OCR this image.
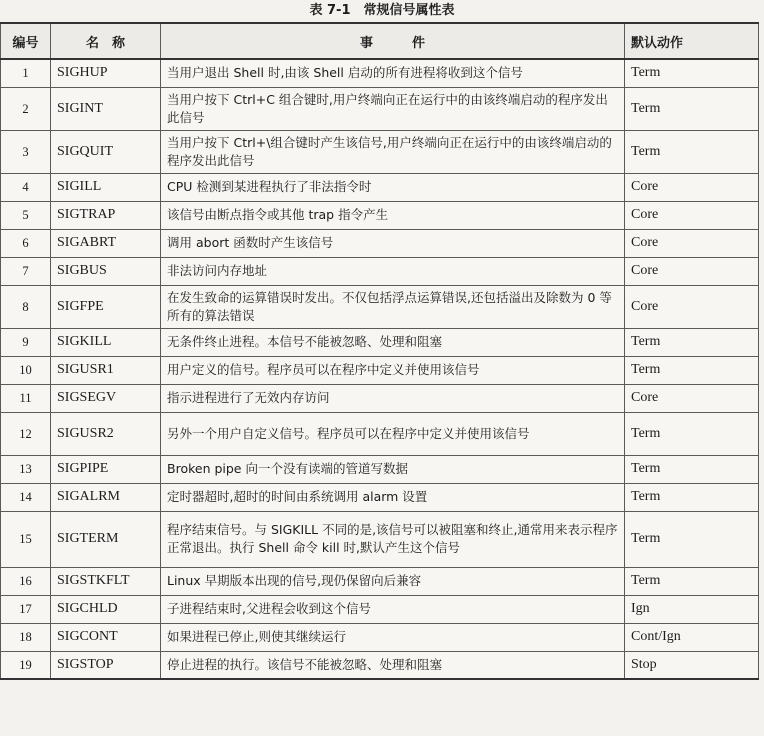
表 7-1　常规信号属性表
编号	名　称	事　　　件	默认动作
1	SIGHUP	当用户退出 Shell 时,由该 Shell 启动的所有进程将收到这个信号	Term
2	SIGINT	当用户按下 Ctrl+C 组合键时,用户终端向正在运行中的由该终端启动的程序发出此信号	Term
3	SIGQUIT	当用户按下 Ctrl+\组合键时产生该信号,用户终端向正在运行中的由该终端启动的程序发出此信号	Term
4	SIGILL	CPU 检测到某进程执行了非法指令时	Core
5	SIGTRAP	该信号由断点指令或其他 trap 指令产生	Core
6	SIGABRT	调用 abort 函数时产生该信号	Core
7	SIGBUS	非法访问内存地址	Core
8	SIGFPE	在发生致命的运算错误时发出。不仅包括浮点运算错误,还包括溢出及除数为 0 等所有的算法错误	Core
9	SIGKILL	无条件终止进程。本信号不能被忽略、处理和阻塞	Term
10	SIGUSR1	用户定义的信号。程序员可以在程序中定义并使用该信号	Term
11	SIGSEGV	指示进程进行了无效内存访问	Core
12	SIGUSR2	另外一个用户自定义信号。程序员可以在程序中定义并使用该信号	Term
13	SIGPIPE	Broken pipe 向一个没有读端的管道写数据	Term
14	SIGALRM	定时器超时,超时的时间由系统调用 alarm 设置	Term
15	SIGTERM	程序结束信号。与 SIGKILL 不同的是,该信号可以被阻塞和终止,通常用来表示程序正常退出。执行 Shell 命令 kill 时,默认产生这个信号	Term
16	SIGSTKFLT	Linux 早期版本出现的信号,现仍保留向后兼容	Term
17	SIGCHLD	子进程结束时,父进程会收到这个信号	Ign
18	SIGCONT	如果进程已停止,则使其继续运行	Cont/Ign
19	SIGSTOP	停止进程的执行。该信号不能被忽略、处理和阻塞	Stop
